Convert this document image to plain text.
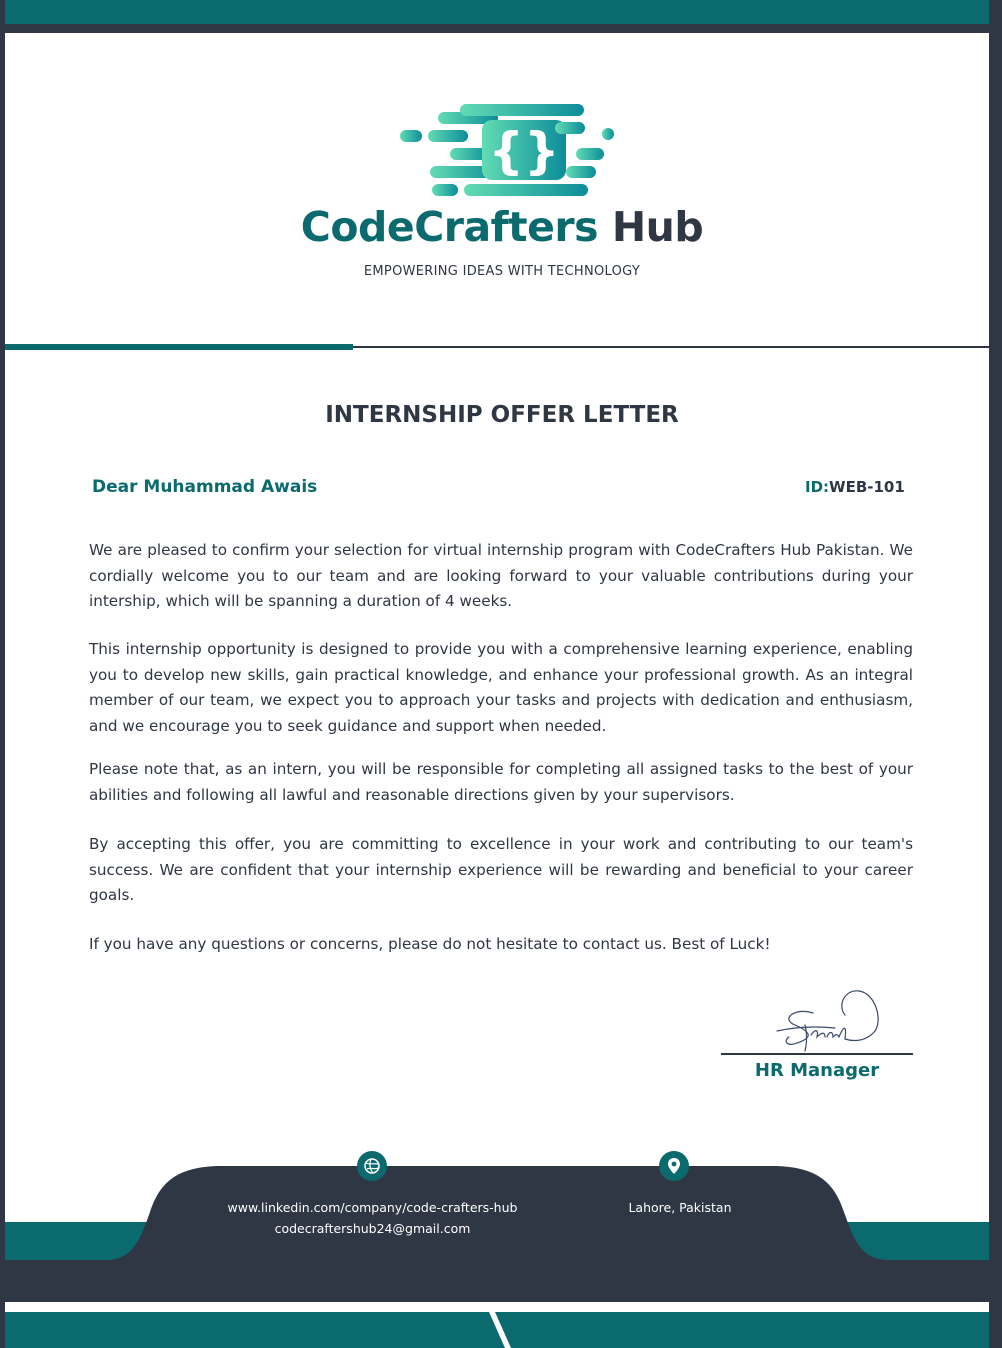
{}
CodeCrafters Hub
EMPOWERING IDEAS WITH TECHNOLOGY
INTERNSHIP OFFER LETTER
Dear Muhammad Awais	ID:WEB-101

We are pleased to confirm your selection for virtual internship program with CodeCrafters Hub Pakistan. We cordially welcome you to our team and are looking forward to your valuable contributions during your intership, which will be spanning a duration of 4 weeks.

This internship opportunity is designed to provide you with a comprehensive learning experience, enabling you to develop new skills, gain practical knowledge, and enhance your professional growth. As an integral member of our team, we expect you to approach your tasks and projects with dedication and enthusiasm, and we encourage you to seek guidance and support when needed.

Please note that, as an intern, you will be responsible for completing all assigned tasks to the best of your abilities and following all lawful and reasonable directions given by your supervisors.

By accepting this offer, you are committing to excellence in your work and contributing to our team's success. We are confident that your internship experience will be rewarding and beneficial to your career goals.

If you have any questions or concerns, please do not hesitate to contact us. Best of Luck!

HR Manager
www.linkedin.com/company/code-crafters-hub
codecraftershub24@gmail.com
Lahore, Pakistan
